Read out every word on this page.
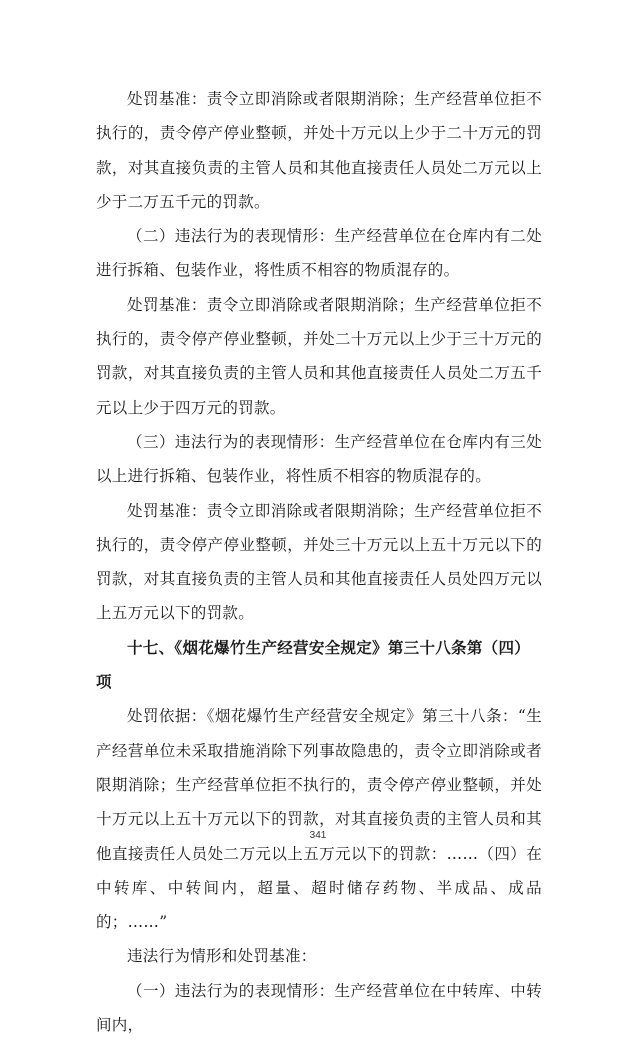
处罚基准：责令立即消除或者限期消除；生产经营单位拒不执行的，责令停产停业整顿，并处十万元以上少于二十万元的罚款，对其直接负责的主管人员和其他直接责任人员处二万元以上少于二万五千元的罚款。

（二）违法行为的表现情形：生产经营单位在仓库内有二处进行拆箱、包装作业，将性质不相容的物质混存的。

处罚基准：责令立即消除或者限期消除；生产经营单位拒不执行的，责令停产停业整顿，并处二十万元以上少于三十万元的罚款，对其直接负责的主管人员和其他直接责任人员处二万五千元以上少于四万元的罚款。

（三）违法行为的表现情形：生产经营单位在仓库内有三处以上进行拆箱、包装作业，将性质不相容的物质混存的。

处罚基准：责令立即消除或者限期消除；生产经营单位拒不执行的，责令停产停业整顿，并处三十万元以上五十万元以下的罚款，对其直接负责的主管人员和其他直接责任人员处四万元以上五万元以下的罚款。

十七、《烟花爆竹生产经营安全规定》第三十八条第（四）项

处罚依据：《烟花爆竹生产经营安全规定》第三十八条：“生产经营单位未采取措施消除下列事故隐患的，责令立即消除或者限期消除；生产经营单位拒不执行的，责令停产停业整顿，并处十万元以上五十万元以下的罚款，对其直接负责的主管人员和其他直接责任人员处二万元以上五万元以下的罚款：……（四）在中转库、中转间内，超量、超时储存药物、半成品、成品的；……”

违法行为情形和处罚基准：

（一）违法行为的表现情形：生产经营单位在中转库、中转间内，

341
